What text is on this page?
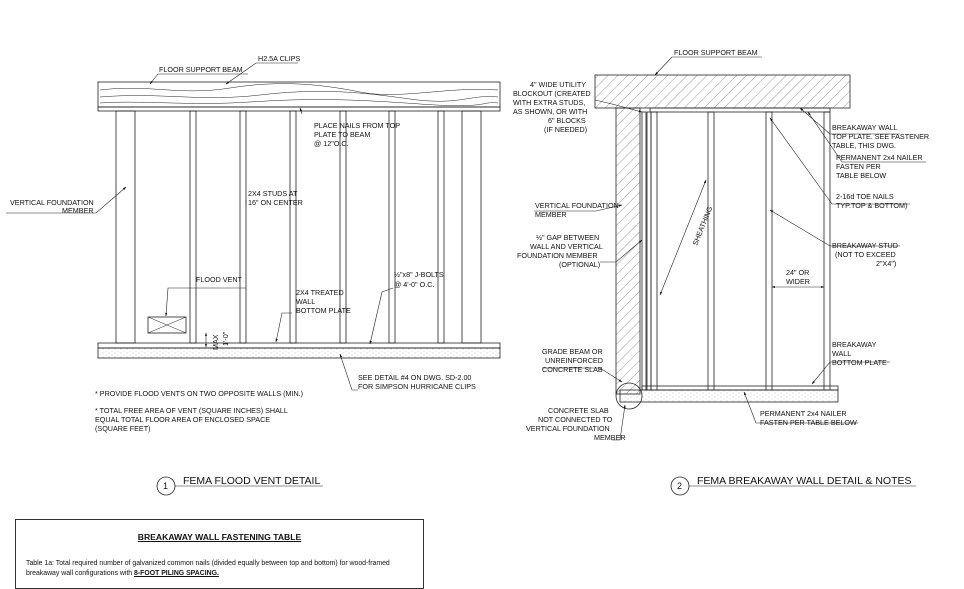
H2.5A CLIPS
FLOOR SUPPORT BEAM
VERTICAL FOUNDATION
MEMBER
PLACE NAILS FROM TOP
PLATE TO BEAM
@ 12"O.C.
2X4 STUDS AT
16" ON CENTER
FLOOD VENT
2X4 TREATED
WALL
BOTTOM PLATE
½"x8" J-BOLTS
@ 4'-0" O.C.
MAX 1'-0"
SEE DETAIL #4 ON DWG. SD-2.00
FOR SIMPSON HURRICANE CLIPS
* PROVIDE FLOOD VENTS ON TWO OPPOSITE WALLS (MIN.)
* TOTAL FREE AREA OF VENT (SQUARE INCHES) SHALL
EQUAL TOTAL FLOOR AREA OF ENCLOSED SPACE
(SQUARE FEET)
1 FEMA FLOOD VENT DETAIL
FLOOR SUPPORT BEAM
4" WIDE UTILITY
BLOCKOUT (CREATED
WITH EXTRA STUDS,
AS SHOWN, OR WITH
6" BLOCKS
(IF NEEDED)
VERTICAL FOUNDATION
MEMBER
½" GAP BETWEEN
WALL AND VERTICAL
FOUNDATION MEMBER
(OPTIONAL)
SHEATHING
GRADE BEAM OR
UNREINFORCED
CONCRETE SLAB
CONCRETE SLAB
NOT CONNECTED TO
VERTICAL FOUNDATION
MEMBER
BREAKAWAY WALL
TOP PLATE. SEE FASTENER
TABLE, THIS DWG.
PERMANENT 2x4 NAILER
FASTEN PER
TABLE BELOW
2-16d TOE NAILS
TYP.TOP & BOTTOM)
BREAKAWAY STUD
(NOT TO EXCEED
2"X4")
24" OR
WIDER
BREAKAWAY
WALL
BOTTOM PLATE
PERMANENT 2x4 NAILER
FASTEN PER TABLE BELOW
2 FEMA BREAKAWAY WALL DETAIL & NOTES
BREAKAWAY WALL FASTENING TABLE
Table 1a: Total required number of galvanized common nails (divided equally between top and bottom) for wood-framed breakaway wall configurations with 8-FOOT PILING SPACING.
